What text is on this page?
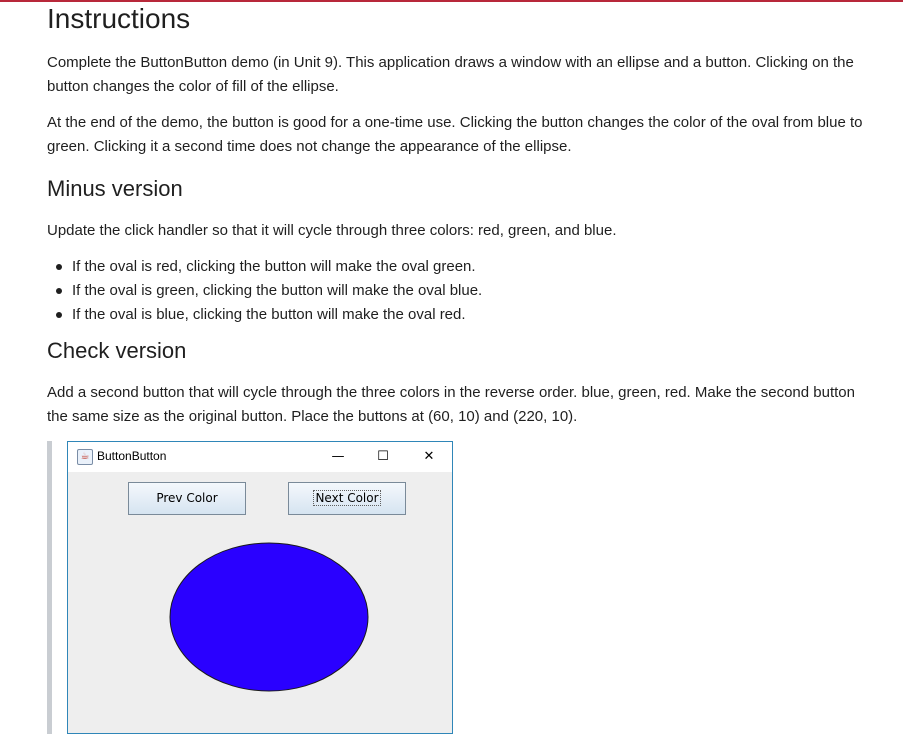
Instructions

Complete the ButtonButton demo (in Unit 9). This application draws a window with an ellipse and a button. Clicking on the button changes the color of fill of the ellipse.

At the end of the demo, the button is good for a one-time use. Clicking the button changes the color of the oval from blue to green. Clicking it a second time does not change the appearance of the ellipse.

Minus version

Update the click handler so that it will cycle through three colors: red, green, and blue.

If the oval is red, clicking the button will make the oval green.
If the oval is green, clicking the button will make the oval blue.
If the oval is blue, clicking the button will make the oval red.
Check version

Add a second button that will cycle through the three colors in the reverse order. blue, green, red. Make the second button the same size as the original button. Place the buttons at (60, 10) and (220, 10).

☕ ButtonButton	—	☐	✕
Prev Color	Next Color
